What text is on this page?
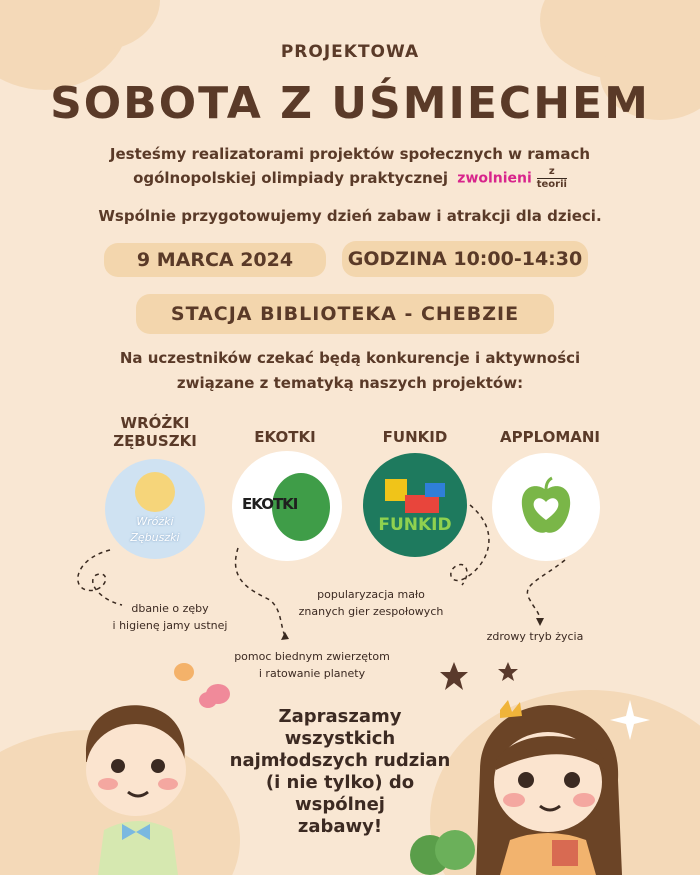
PROJEKTOWA
SOBOTA Z UŚMIECHEM
Jesteśmy realizatorami projektów społecznych w ramach
ogólnopolskiej olimpiady praktycznej zwolnieni $\frac{z}{\text{teorii}}$
Wspólnie przygotowujemy dzień zabaw i atrakcji dla dzieci.
9 MARCA 2024	GODZINA 10:00-14:30
STACJA BIBLIOTEKA - CHEBZIE
Na uczestników czekać będą konkurencje i aktywności
związane z tematyką naszych projektów:
WRÓŻKI
ZĘBUSZKI	EKOTKI	FUNKID	APPLOMANI
Wróżki
Zębuszki
EKOTKI
FUNKID
dbanie o zęby
i higienę jamy ustnej
pomoc biednym zwierzętom
i ratowanie planety
popularyzacja mało
znanych gier zespołowych
zdrowy tryb życia
Zapraszamy
wszystkich
najmłodszych rudzian
(i nie tylko) do wspólnej
zabawy!
